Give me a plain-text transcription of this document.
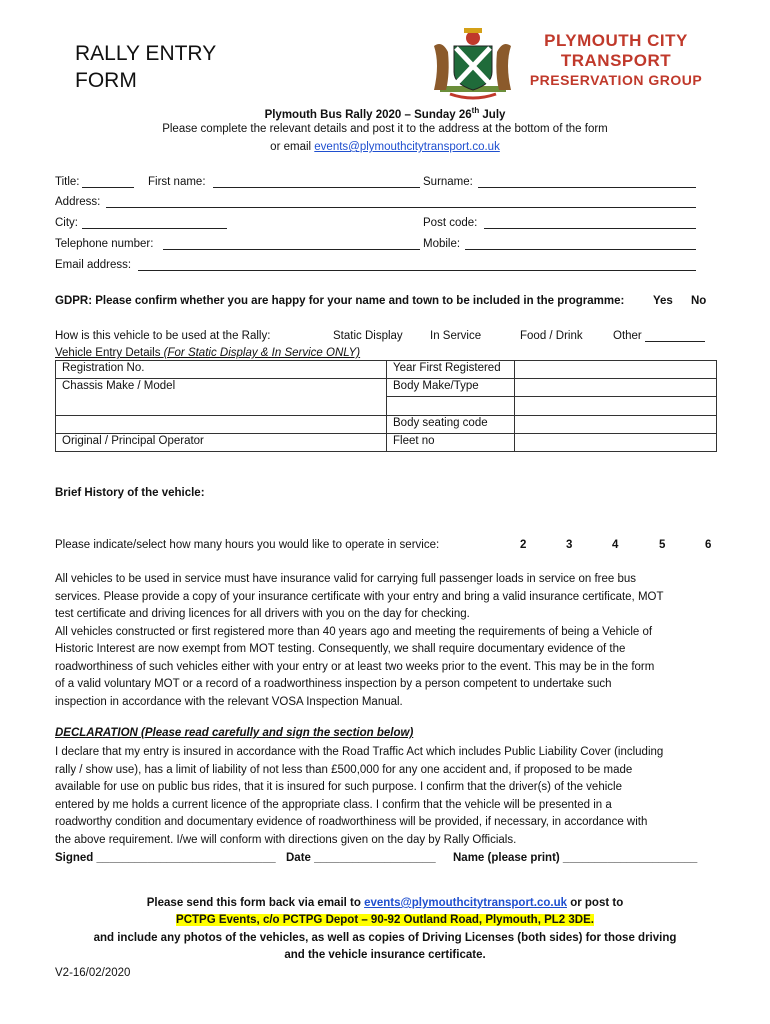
RALLY ENTRY
FORM
PLYMOUTH CITY
TRANSPORT
PRESERVATION GROUP
Plymouth Bus Rally 2020 – Sunday 26th July
Please complete the relevant details and post it to the address at the bottom of the form
or email events@plymouthcitytransport.co.uk
Title:	First name:	Surname:
Address:
City:	Post code:
Telephone number:	Mobile:
Email address:
GDPR: Please confirm whether you are happy for your name and town to be included in the programme: Yes No
How is this vehicle to be used at the Rally:	Static Display In Service	Food / Drink	Other
Vehicle Entry Details (For Static Display & In Service ONLY)
Registration No.	Year First Registered	
Chassis Make / Model	Body Make/Type	

	Body seating code	
Original / Principal Operator	Fleet no	
Brief History of the vehicle:
Please indicate/select how many hours you would like to operate in service:	2	3	4	5	6
All vehicles to be used in service must have insurance valid for carrying full passenger loads in service on free bus
services. Please provide a copy of your insurance certificate with your entry and bring a valid insurance certificate, MOT
test certificate and driving licences for all drivers with you on the day for checking.
All vehicles constructed or first registered more than 40 years ago and meeting the requirements of being a Vehicle of
Historic Interest are now exempt from MOT testing. Consequently, we shall require documentary evidence of the
roadworthiness of such vehicles either with your entry or at least two weeks prior to the event. This may be in the form
of a valid voluntary MOT or a record of a roadworthiness inspection by a person competent to undertake such
inspection in accordance with the relevant VOSA Inspection Manual.
DECLARATION (Please read carefully and sign the section below)
I declare that my entry is insured in accordance with the Road Traffic Act which includes Public Liability Cover (including
rally / show use), has a limit of liability of not less than £500,000 for any one accident and, if proposed to be made
available for use on public bus rides, that it is insured for such purpose. I confirm that the driver(s) of the vehicle
entered by me holds a current licence of the appropriate class. I confirm that the vehicle will be presented in a
roadworthy condition and documentary evidence of roadworthiness will be provided, if necessary, in accordance with
the above requirement. I/we will conform with directions given on the day by Rally Officials.
Signed ____________________________ Date ___________________ Name (please print) _____________________
Please send this form back via email to events@plymouthcitytransport.co.uk or post to
PCTPG Events, c/o PCTPG Depot – 90-92 Outland Road, Plymouth, PL2 3DE.
and include any photos of the vehicles, as well as copies of Driving Licenses (both sides) for those driving
and the vehicle insurance certificate.
V2-16/02/2020
